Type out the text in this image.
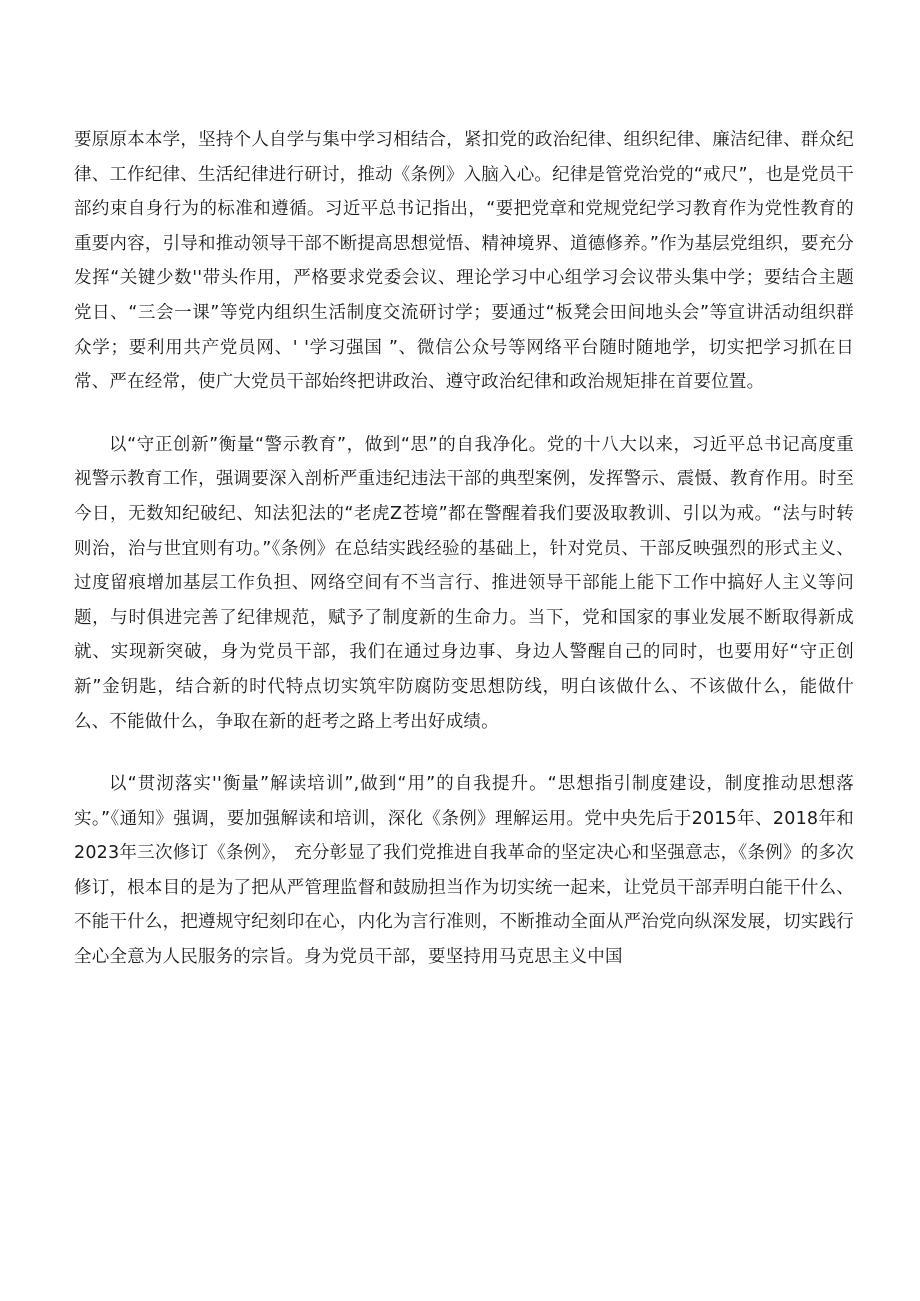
要原原本本学，坚持个人自学与集中学习相结合，紧扣党的政治纪律、组织纪律、廉洁纪律、群众纪律、工作纪律、生活纪律进行研讨，推动《条例》入脑入心。纪律是管党治党的“戒尺”，也是党员干部约束自身行为的标准和遵循。习近平总书记指出，“要把党章和党规党纪学习教育作为党性教育的重要内容，引导和推动领导干部不断提高思想觉悟、精神境界、道德修养。”作为基层党组织，要充分发挥“关键少数''带头作用，严格要求党委会议、理论学习中心组学习会议带头集中学；要结合主题党日、“三会一课”等党内组织生活制度交流研讨学；要通过“板凳会田间地头会”等宣讲活动组织群众学；要利用共产党员网、' '学习强国 ”、微信公众号等网络平台随时随地学，切实把学习抓在日常、严在经常，使广大党员干部始终把讲政治、遵守政治纪律和政治规矩排在首要位置。

以“守正创新”衡量“警示教育”，做到“思”的自我净化。党的十八大以来，习近平总书记高度重视警示教育工作，强调要深入剖析严重违纪违法干部的典型案例，发挥警示、震慑、教育作用。时至今日，无数知纪破纪、知法犯法的“老虎Z苍境”都在警醒着我们要汲取教训、引以为戒。“法与时转则治，治与世宜则有功。”《条例》在总结实践经验的基础上，针对党员、干部反映强烈的形式主义、过度留痕增加基层工作负担、网络空间有不当言行、推进领导干部能上能下工作中搞好人主义等问题，与时俱进完善了纪律规范，赋予了制度新的生命力。当下，党和国家的事业发展不断取得新成就、实现新突破，身为党员干部，我们在通过身边事、身边人警醒自己的同时，也要用好“守正创新”金钥匙，结合新的时代特点切实筑牢防腐防变思想防线，明白该做什么、不该做什么，能做什么、不能做什么，争取在新的赶考之路上考出好成绩。

以“贯沏落实''衡量”解读培训”,做到“用”的自我提升。“思想指引制度建设，制度推动思想落实。”《通知》强调，要加强解读和培训，深化《条例》理解运用。党中央先后于2015年、2018年和2023年三次修订《条例》， 充分彰显了我们党推进自我革命的坚定决心和坚强意志，《条例》的多次修订，根本目的是为了把从严管理监督和鼓励担当作为切实统一起来，让党员干部弄明白能干什么、不能干什么，把遵规守纪刻印在心，内化为言行准则，不断推动全面从严治党向纵深发展，切实践行全心全意为人民服务的宗旨。身为党员干部，要坚持用马克思主义中国
